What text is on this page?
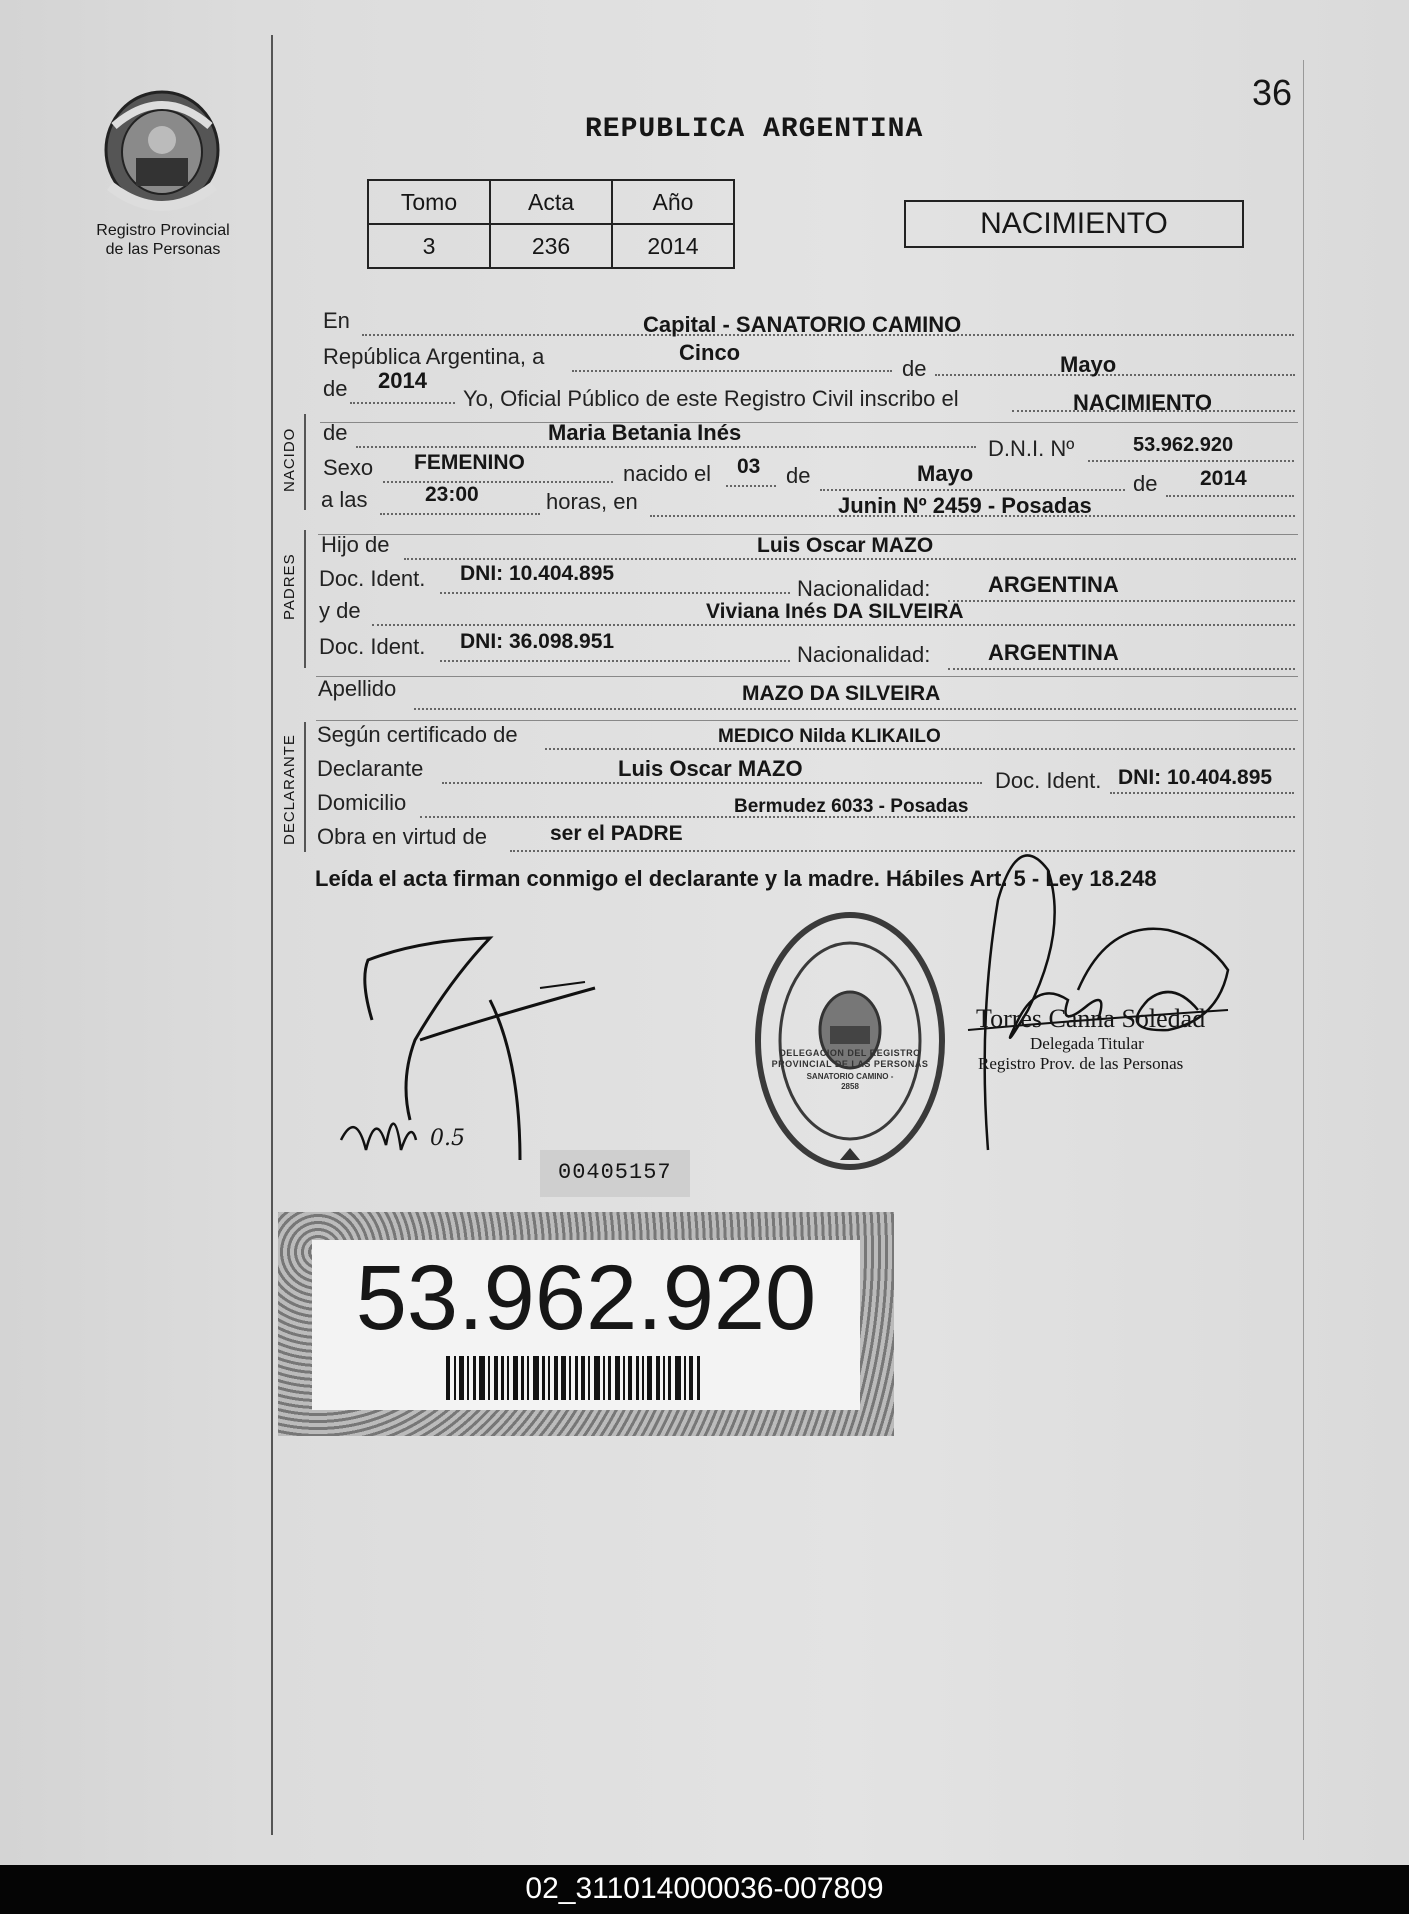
Registro Provincial
de las Personas
REPUBLICA ARGENTINA
36
Tomo	Acta	Año
3	236	2014
NACIMIENTO
NACIDO
PADRES
DECLARANTE
En	Capital - SANATORIO CAMINO
República Argentina, a	Cinco
de	Mayo
de 2014
Yo, Oficial Público de este Registro Civil inscribo el	NACIMIENTO
de	Maria Betania Inés
D.N.I. Nº	53.962.920
Sexo FEMENINO	nacido el 03 de	Mayo	de 2014
a las	23:00	horas, en	Junin Nº 2459 - Posadas
Hijo de	Luis Oscar MAZO
Doc. Ident. DNI: 10.404.895
Nacionalidad:	ARGENTINA
y de	Viviana Inés DA SILVEIRA
Doc. Ident. DNI: 36.098.951
Nacionalidad:	ARGENTINA
Apellido	MAZO DA SILVEIRA
Según certificado de	MEDICO Nilda KLIKAILO
Declarante	Luis Oscar MAZO	Doc. Ident. DNI: 10.404.895
Domicilio	Bermudez 6033 - Posadas
Obra en virtud de	ser el PADRE
Leída el acta firman conmigo el declarante y la madre. Hábiles Art. 5 - Ley 18.248
0.5
DELEGACION DEL REGISTRO PROVINCIAL DE LAS PERSONAS
SANATORIO CAMINO - 2858
Torres Canna Soledad
Delegada Titular
Registro Prov. de las Personas
00405157
53.962.920
02_311014000036-007809
